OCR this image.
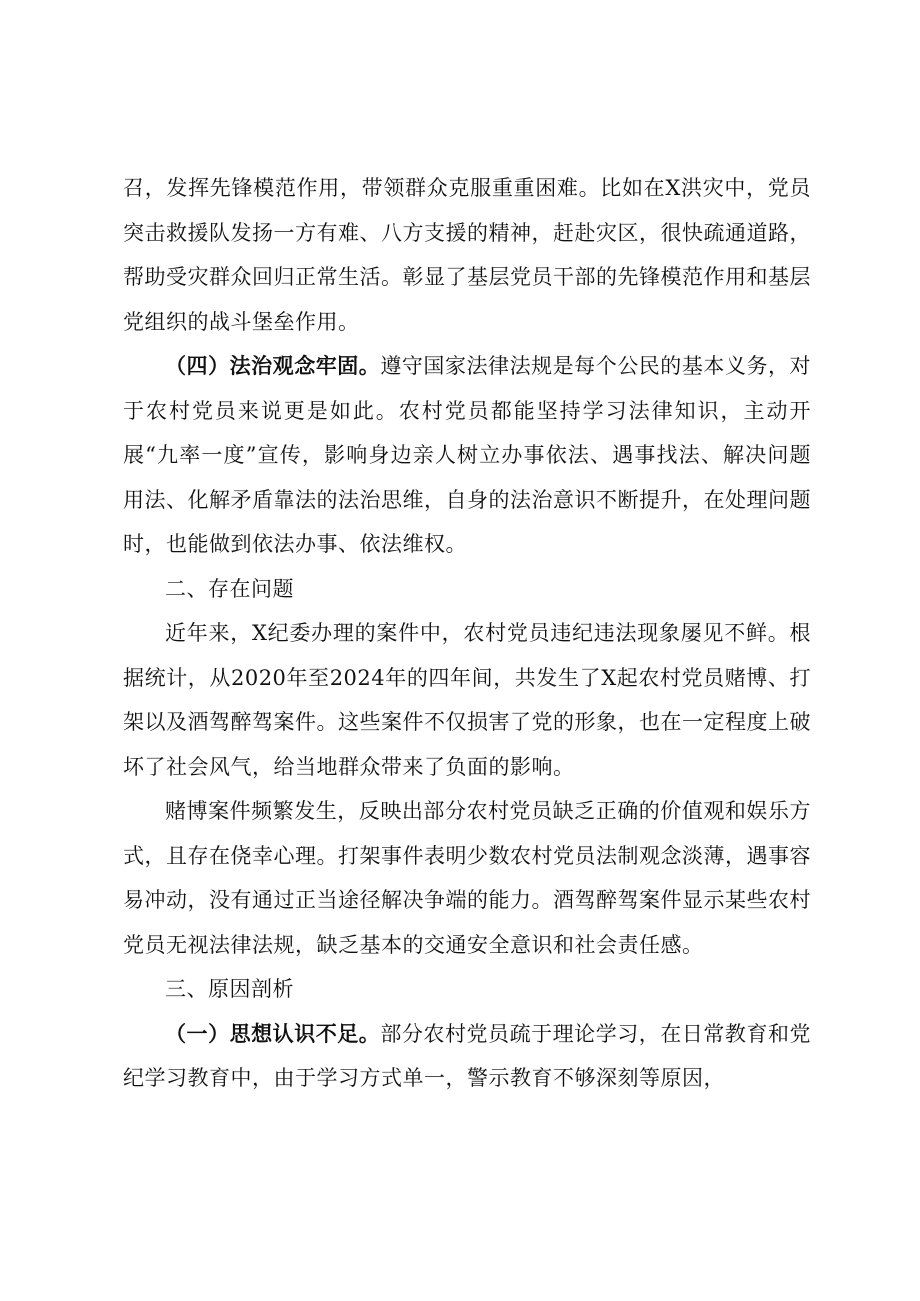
召，发挥先锋模范作用，带领群众克服重重困难。比如在X洪灾中，党员突击救援队发扬一方有难、八方支援的精神，赶赴灾区，很快疏通道路，帮助受灾群众回归正常生活。彰显了基层党员干部的先锋模范作用和基层党组织的战斗堡垒作用。

（四）法治观念牢固。遵守国家法律法规是每个公民的基本义务，对于农村党员来说更是如此。农村党员都能坚持学习法律知识，主动开展“九率一度”宣传，影响身边亲人树立办事依法、遇事找法、解决问题用法、化解矛盾靠法的法治思维，自身的法治意识不断提升，在处理问题时，也能做到依法办事、依法维权。

二、存在问题

近年来，X纪委办理的案件中，农村党员违纪违法现象屡见不鲜。根据统计，从2020年至2024年的四年间，共发生了X起农村党员赌博、打架以及酒驾醉驾案件。这些案件不仅损害了党的形象，也在一定程度上破坏了社会风气，给当地群众带来了负面的影响。

赌博案件频繁发生，反映出部分农村党员缺乏正确的价值观和娱乐方式，且存在侥幸心理。打架事件表明少数农村党员法制观念淡薄，遇事容易冲动，没有通过正当途径解决争端的能力。酒驾醉驾案件显示某些农村党员无视法律法规，缺乏基本的交通安全意识和社会责任感。

三、原因剖析

（一）思想认识不足。部分农村党员疏于理论学习，在日常教育和党纪学习教育中，由于学习方式单一，警示教育不够深刻等原因，
